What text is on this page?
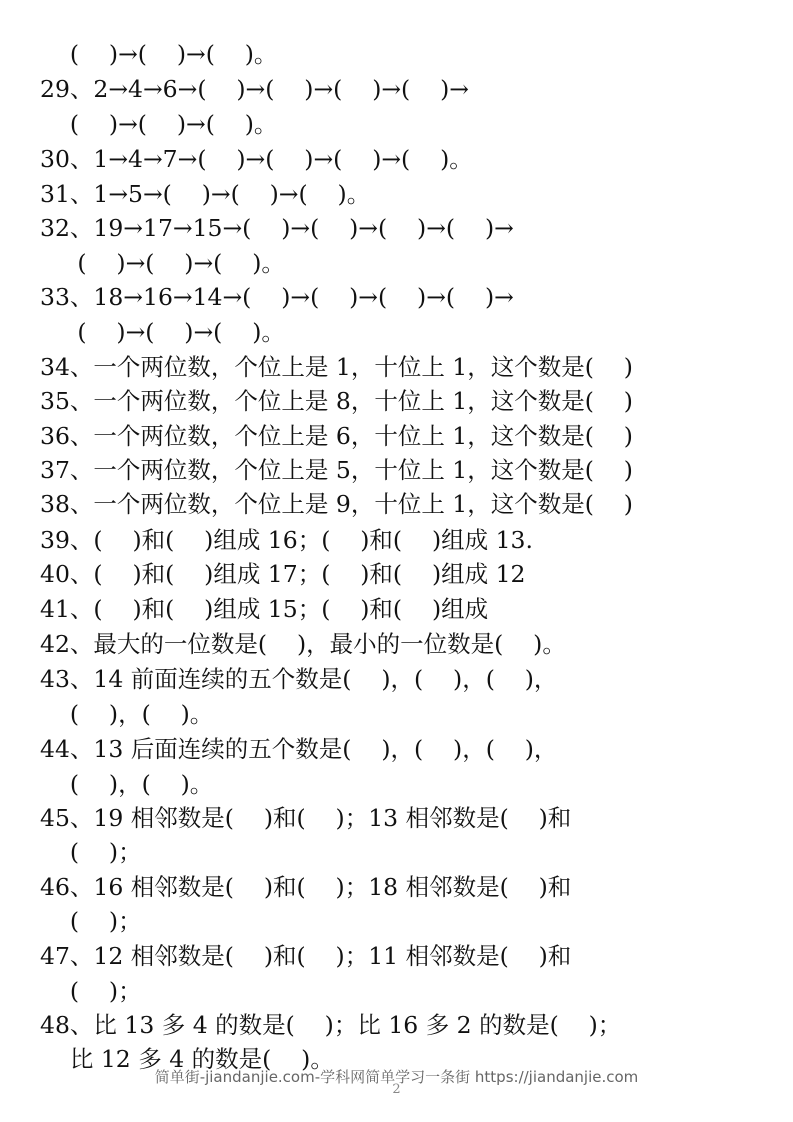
(    )→(    )→(    )。
29、2→4→6→(    )→(    )→(    )→(    )→
(    )→(    )→(    )。
30、1→4→7→(    )→(    )→(    )→(    )。
31、1→5→(    )→(    )→(    )。
32、19→17→15→(    )→(    )→(    )→(    )→
(    )→(    )→(    )。
33、18→16→14→(    )→(    )→(    )→(    )→
(    )→(    )→(    )。
34、一个两位数，个位上是 1，十位上 1，这个数是(    )
35、一个两位数，个位上是 8，十位上 1，这个数是(    )
36、一个两位数，个位上是 6，十位上 1，这个数是(    )
37、一个两位数，个位上是 5，十位上 1，这个数是(    )
38、一个两位数，个位上是 9，十位上 1，这个数是(    )
39、(    )和(    )组成 16；(    )和(    )组成 13.
40、(    )和(    )组成 17；(    )和(    )组成 12
41、(    )和(    )组成 15；(    )和(    )组成
42、最大的一位数是(    )，最小的一位数是(    )。
43、14 前面连续的五个数是(    )，(    )，(    )，
(    )，(    )。
44、13 后面连续的五个数是(    )，(    )，(    )，
(    )，(    )。
45、19 相邻数是(    )和(    )；13 相邻数是(    )和
(    )；
46、16 相邻数是(    )和(    )；18 相邻数是(    )和
(    )；
47、12 相邻数是(    )和(    )；11 相邻数是(    )和
(    )；
48、比 13 多 4 的数是(    )；比 16 多 2 的数是(    )；
比 12 多 4 的数是(    )。
简单街-jiandanjie.com-学科网简单学习一条街 https://jiandanjie.com
2
